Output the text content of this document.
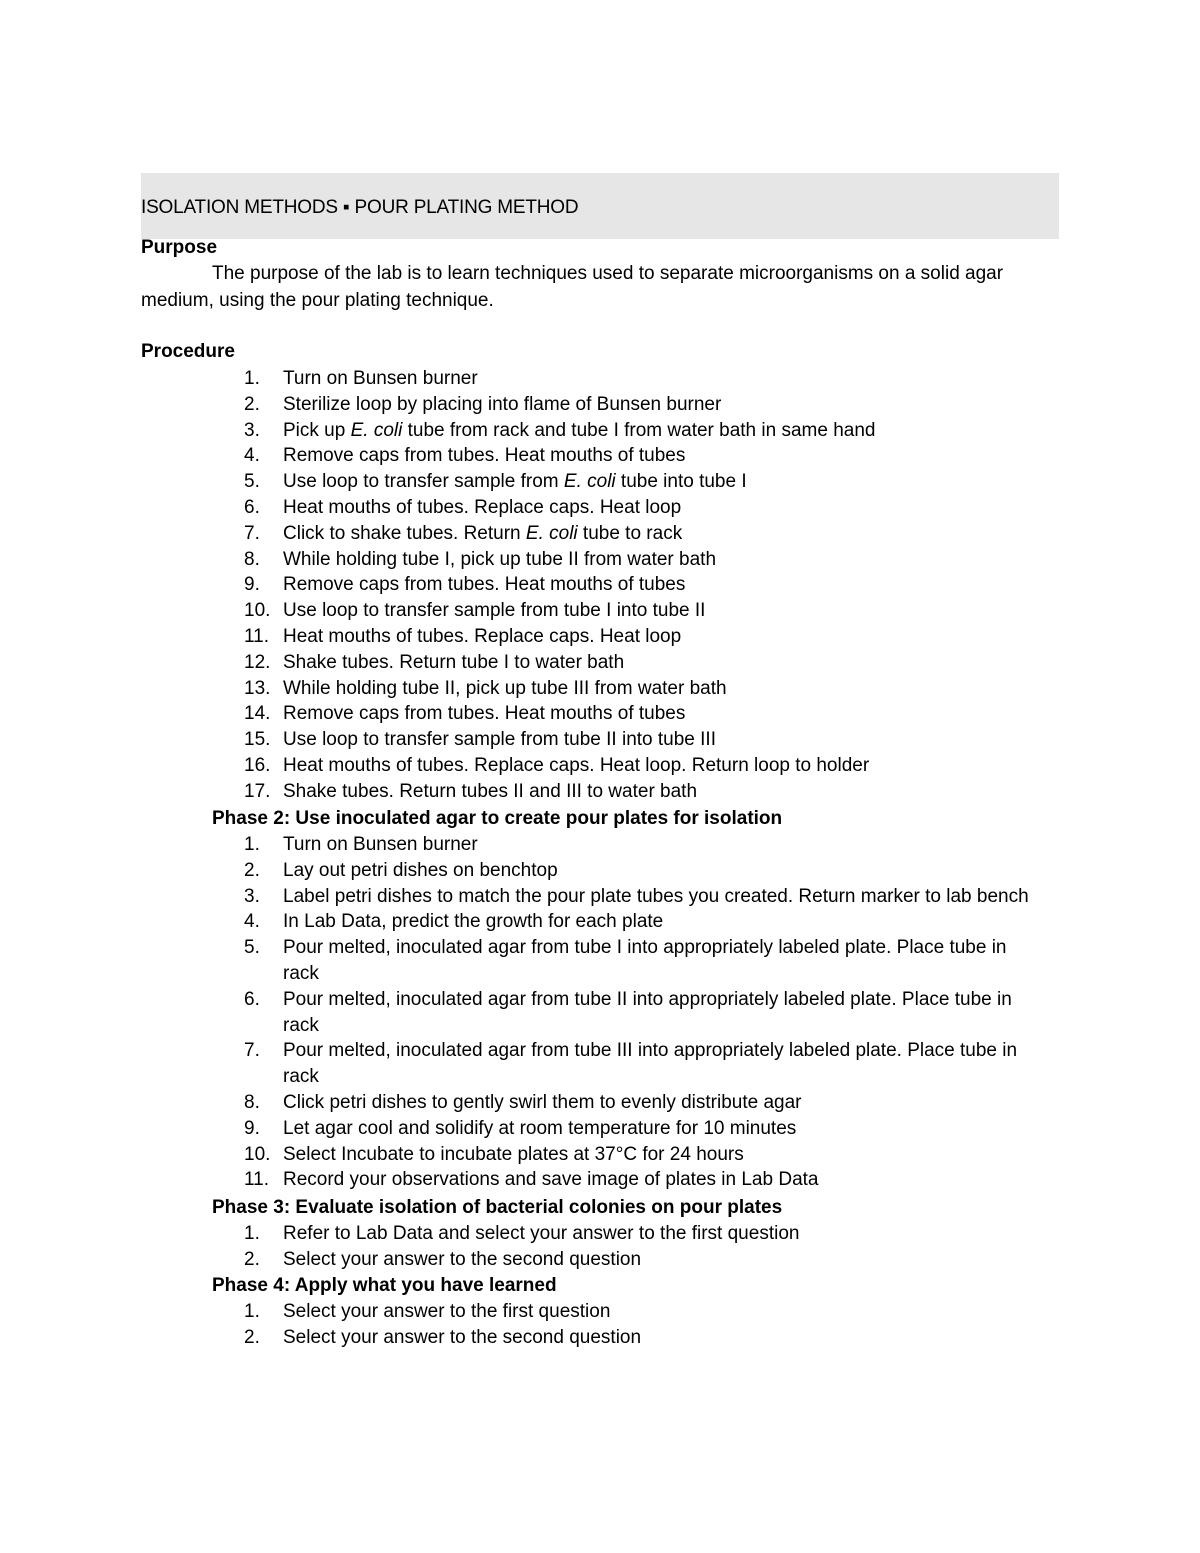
ISOLATION METHODS ▪ POUR PLATING METHOD
Purpose
The purpose of the lab is to learn techniques used to separate microorganisms on a solid agar
medium, using the pour plating technique.
Procedure
1.	Turn on Bunsen burner
2.	Sterilize loop by placing into flame of Bunsen burner
3.	Pick up E. coli tube from rack and tube I from water bath in same hand
4.	Remove caps from tubes. Heat mouths of tubes
5.	Use loop to transfer sample from E. coli tube into tube I
6.	Heat mouths of tubes. Replace caps. Heat loop
7.	Click to shake tubes. Return E. coli tube to rack
8.	While holding tube I, pick up tube II from water bath
9.	Remove caps from tubes. Heat mouths of tubes
10. Use loop to transfer sample from tube I into tube II
11. Heat mouths of tubes. Replace caps. Heat loop
12. Shake tubes. Return tube I to water bath
13. While holding tube II, pick up tube III from water bath
14. Remove caps from tubes. Heat mouths of tubes
15. Use loop to transfer sample from tube II into tube III
16. Heat mouths of tubes. Replace caps. Heat loop. Return loop to holder
17. Shake tubes. Return tubes II and III to water bath
Phase 2: Use inoculated agar to create pour plates for isolation
1.	Turn on Bunsen burner
2.	Lay out petri dishes on benchtop
3.	Label petri dishes to match the pour plate tubes you created. Return marker to lab bench
4.	In Lab Data, predict the growth for each plate
5.	Pour melted, inoculated agar from tube I into appropriately labeled plate. Place tube in
rack
6.	Pour melted, inoculated agar from tube II into appropriately labeled plate. Place tube in
rack
7.	Pour melted, inoculated agar from tube III into appropriately labeled plate. Place tube in
rack
8.	Click petri dishes to gently swirl them to evenly distribute agar
9.	Let agar cool and solidify at room temperature for 10 minutes
10. Select Incubate to incubate plates at 37°C for 24 hours
11. Record your observations and save image of plates in Lab Data
Phase 3: Evaluate isolation of bacterial colonies on pour plates
1.	Refer to Lab Data and select your answer to the first question
2.	Select your answer to the second question
Phase 4: Apply what you have learned
1.	Select your answer to the first question
2.	Select your answer to the second question
